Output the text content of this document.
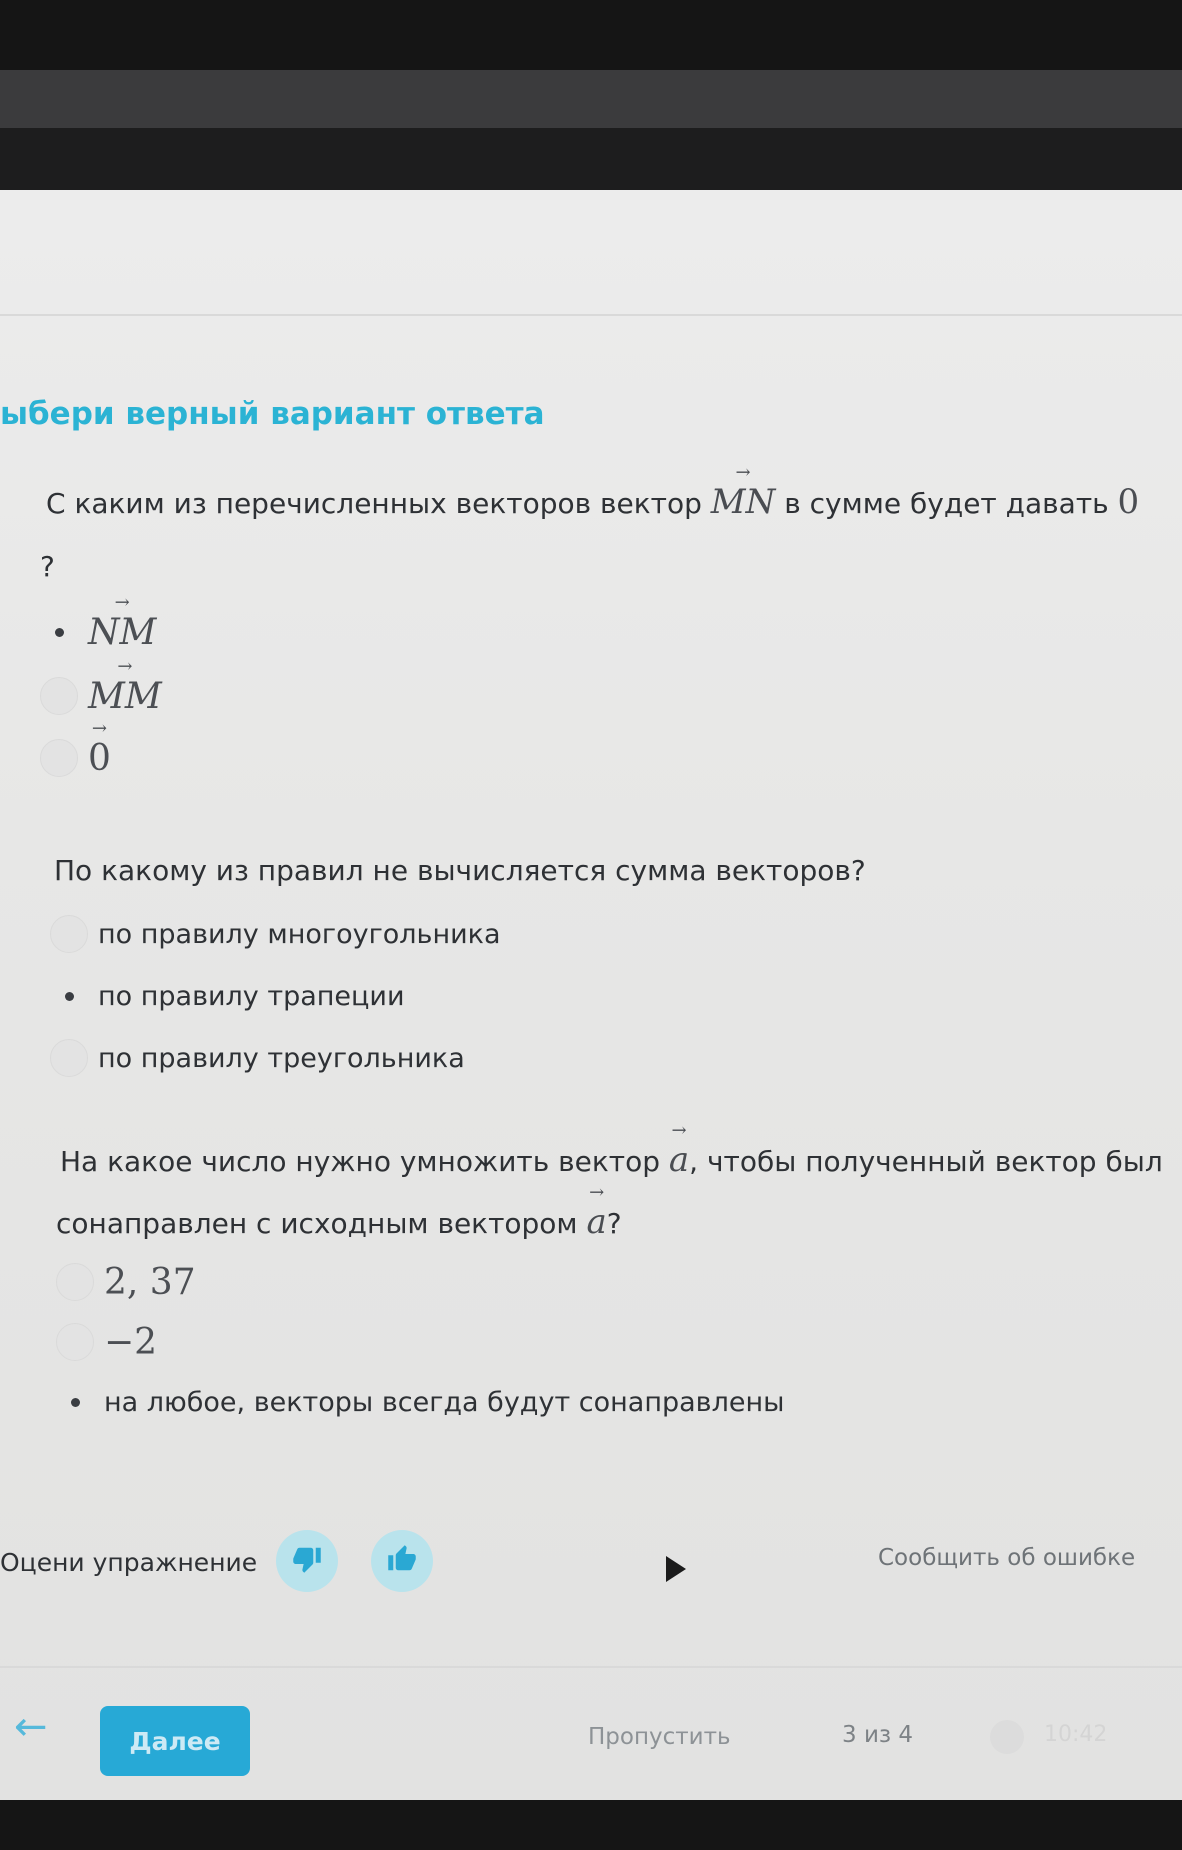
ыбери верный вариант ответа

С каким из перечисленных векторов вектор → MN в сумме будет давать 0

?

→ NM
→ MM
→ 0

По какому из правил не вычисляется сумма векторов?

по правилу многоугольника
по правилу трапеции
по правилу треугольника

На какое число нужно умножить вектор → a, чтобы полученный вектор был

сонаправлен с исходным вектором → a?

2, 37
−2
на любое, векторы всегда будут сонаправлены

Оцени упражнение	Сообщить об ошибке

←	Далее	Пропустить	3 из 4	10:42
